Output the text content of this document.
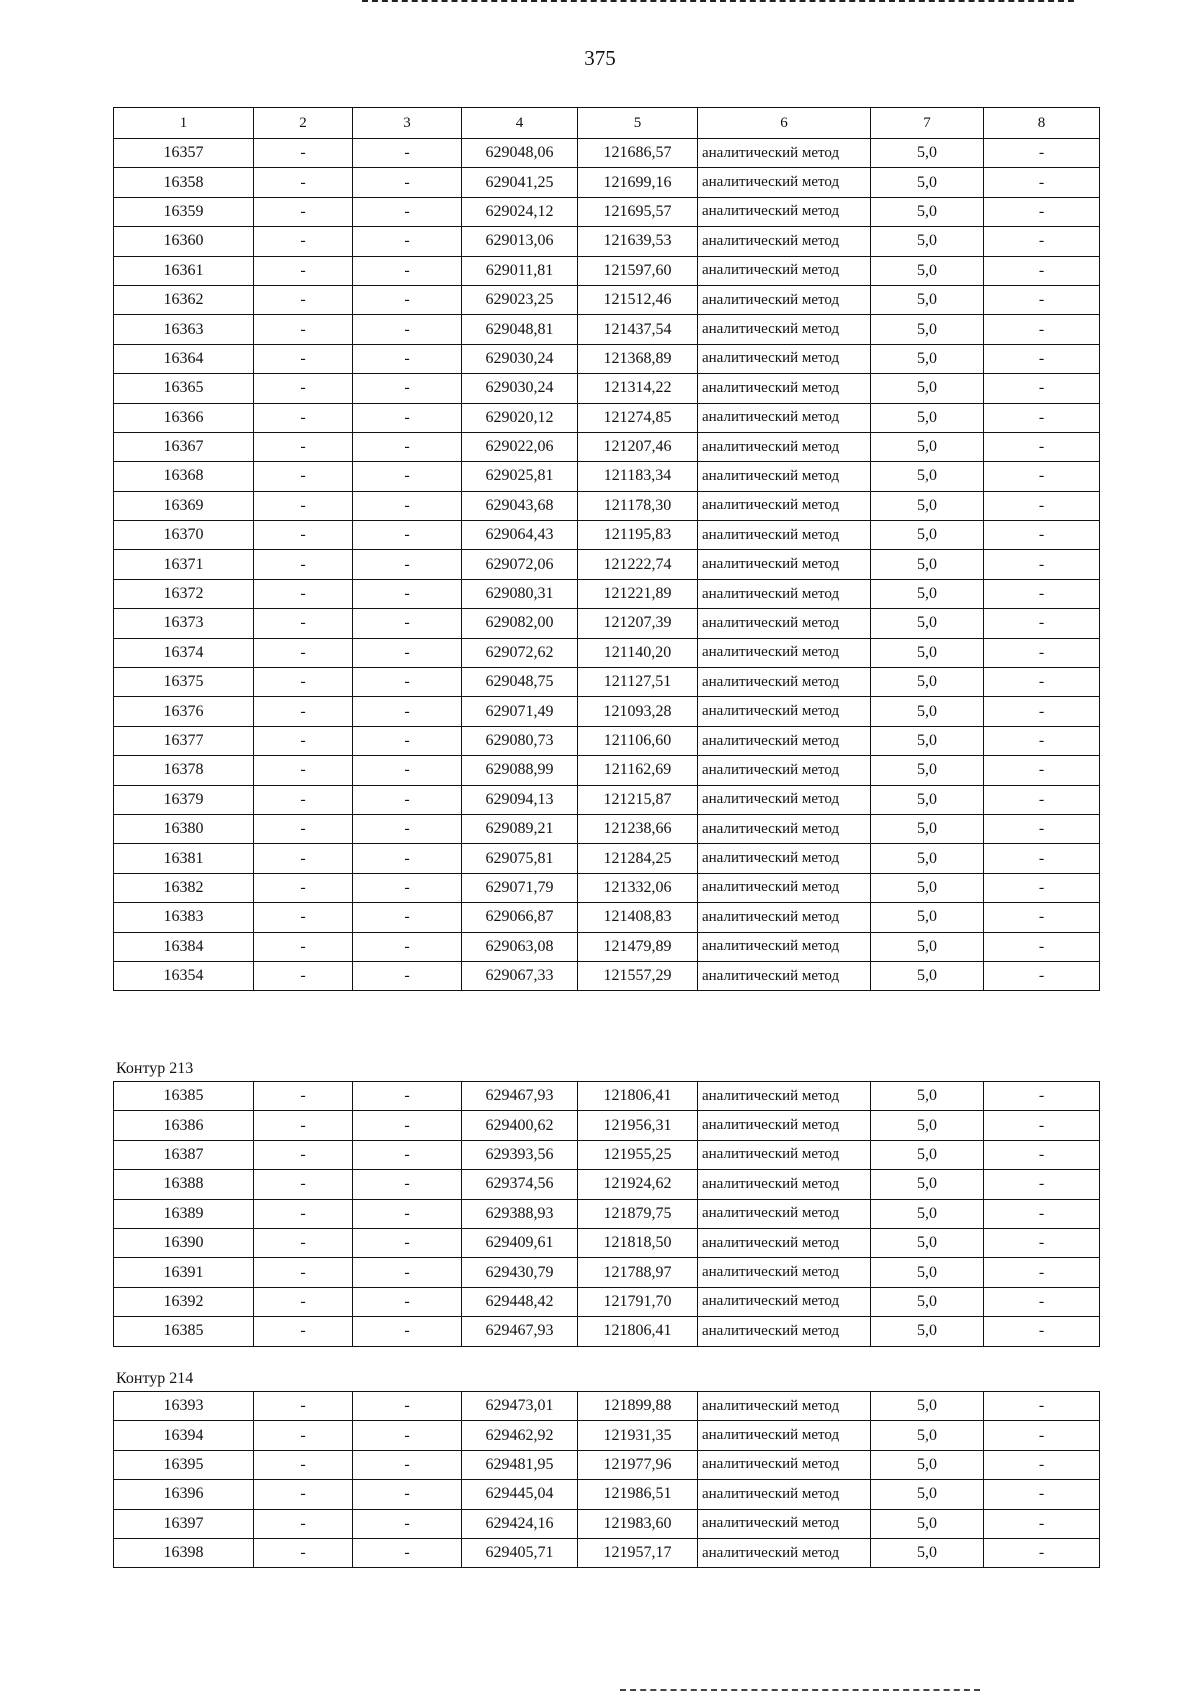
375
1	2	3	4	5	6	7	8
16357	-	-	629048,06	121686,57	аналитический метод	5,0	-
16358	-	-	629041,25	121699,16	аналитический метод	5,0	-
16359	-	-	629024,12	121695,57	аналитический метод	5,0	-
16360	-	-	629013,06	121639,53	аналитический метод	5,0	-
16361	-	-	629011,81	121597,60	аналитический метод	5,0	-
16362	-	-	629023,25	121512,46	аналитический метод	5,0	-
16363	-	-	629048,81	121437,54	аналитический метод	5,0	-
16364	-	-	629030,24	121368,89	аналитический метод	5,0	-
16365	-	-	629030,24	121314,22	аналитический метод	5,0	-
16366	-	-	629020,12	121274,85	аналитический метод	5,0	-
16367	-	-	629022,06	121207,46	аналитический метод	5,0	-
16368	-	-	629025,81	121183,34	аналитический метод	5,0	-
16369	-	-	629043,68	121178,30	аналитический метод	5,0	-
16370	-	-	629064,43	121195,83	аналитический метод	5,0	-
16371	-	-	629072,06	121222,74	аналитический метод	5,0	-
16372	-	-	629080,31	121221,89	аналитический метод	5,0	-
16373	-	-	629082,00	121207,39	аналитический метод	5,0	-
16374	-	-	629072,62	121140,20	аналитический метод	5,0	-
16375	-	-	629048,75	121127,51	аналитический метод	5,0	-
16376	-	-	629071,49	121093,28	аналитический метод	5,0	-
16377	-	-	629080,73	121106,60	аналитический метод	5,0	-
16378	-	-	629088,99	121162,69	аналитический метод	5,0	-
16379	-	-	629094,13	121215,87	аналитический метод	5,0	-
16380	-	-	629089,21	121238,66	аналитический метод	5,0	-
16381	-	-	629075,81	121284,25	аналитический метод	5,0	-
16382	-	-	629071,79	121332,06	аналитический метод	5,0	-
16383	-	-	629066,87	121408,83	аналитический метод	5,0	-
16384	-	-	629063,08	121479,89	аналитический метод	5,0	-
16354	-	-	629067,33	121557,29	аналитический метод	5,0	-
Контур 213
16385	-	-	629467,93	121806,41	аналитический метод	5,0	-
16386	-	-	629400,62	121956,31	аналитический метод	5,0	-
16387	-	-	629393,56	121955,25	аналитический метод	5,0	-
16388	-	-	629374,56	121924,62	аналитический метод	5,0	-
16389	-	-	629388,93	121879,75	аналитический метод	5,0	-
16390	-	-	629409,61	121818,50	аналитический метод	5,0	-
16391	-	-	629430,79	121788,97	аналитический метод	5,0	-
16392	-	-	629448,42	121791,70	аналитический метод	5,0	-
16385	-	-	629467,93	121806,41	аналитический метод	5,0	-
Контур 214
16393	-	-	629473,01	121899,88	аналитический метод	5,0	-
16394	-	-	629462,92	121931,35	аналитический метод	5,0	-
16395	-	-	629481,95	121977,96	аналитический метод	5,0	-
16396	-	-	629445,04	121986,51	аналитический метод	5,0	-
16397	-	-	629424,16	121983,60	аналитический метод	5,0	-
16398	-	-	629405,71	121957,17	аналитический метод	5,0	-
